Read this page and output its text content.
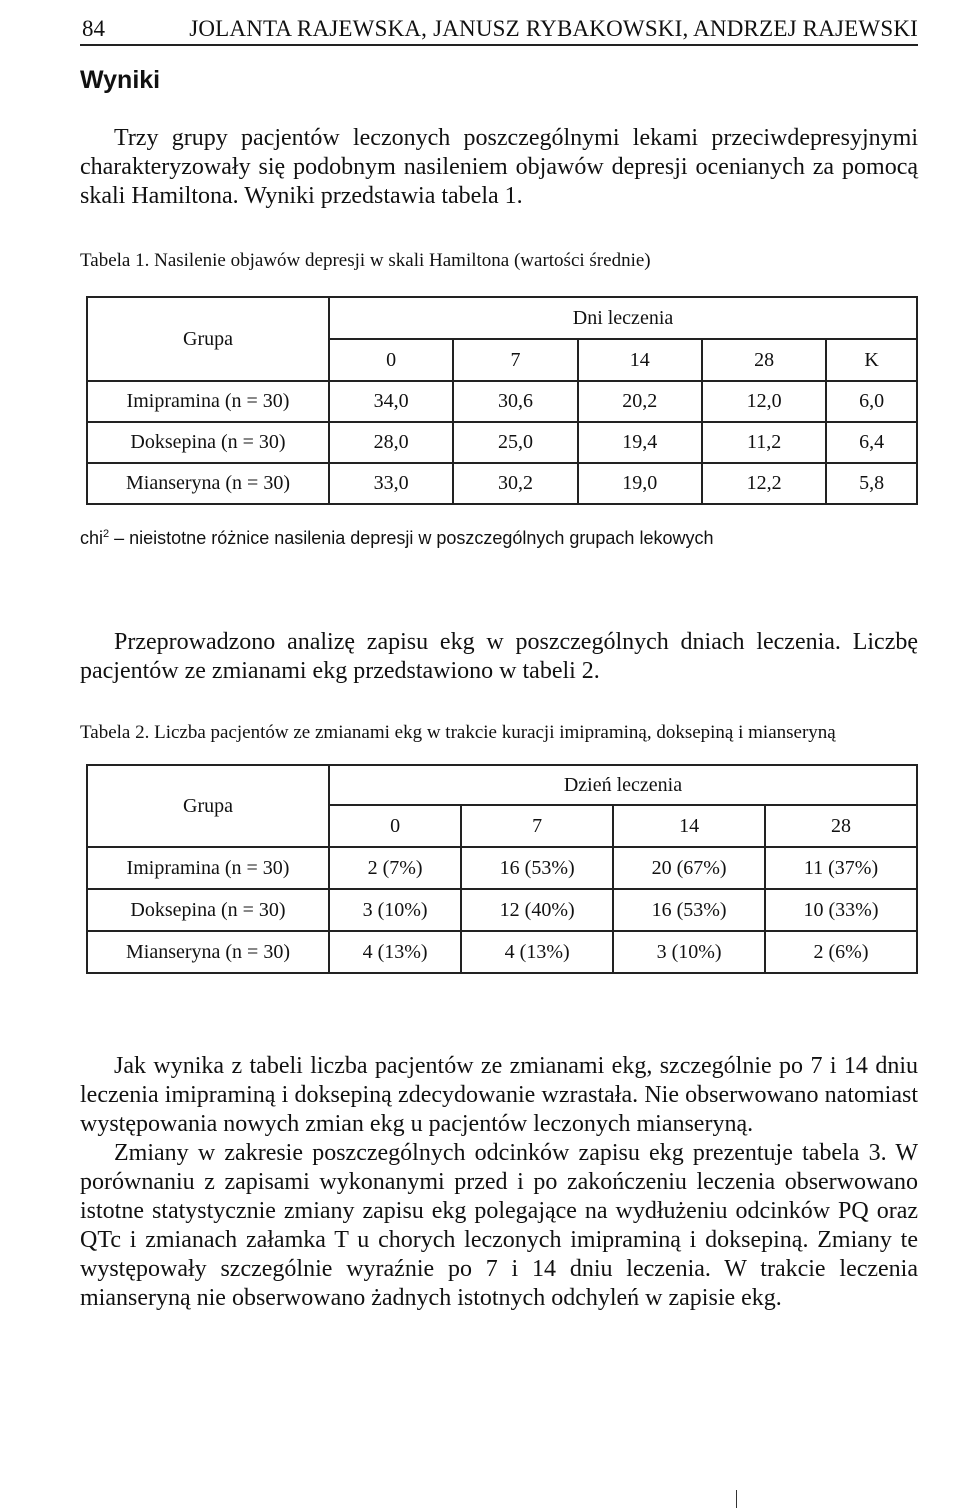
84	JOLANTA RAJEWSKA, JANUSZ RYBAKOWSKI, ANDRZEJ RAJEWSKI
Wyniki

Trzy grupy pacjentów leczonych poszczególnymi lekami przeciwdepresyjnymi charakteryzowały się podobnym nasileniem objawów depresji ocenianych za pomocą skali Hamiltona. Wyniki przedstawia tabela 1.

Tabela 1. Nasilenie objawów depresji w skali Hamiltona (wartości średnie)
Grupa	Dni leczenia				
	0	7	14	28	K
Imipramina (n = 30)	34,0	30,6	20,2	12,0	6,0
Doksepina (n = 30)	28,0	25,0	19,4	11,2	6,4
Mianseryna (n = 30)	33,0	30,2	19,0	12,2	5,8
chi$^2$ – nieistotne różnice nasilenia depresji w poszczególnych grupach lekowych

Przeprowadzono analizę zapisu ekg w poszczególnych dniach leczenia. Liczbę pacjentów ze zmianami ekg przedstawiono w tabeli 2.

Tabela 2. Liczba pacjentów ze zmianami ekg w trakcie kuracji imipraminą, doksepiną i mianseryną
Grupa	Dzień leczenia			
	0	7	14	28
Imipramina (n = 30)	2 (7%)	16 (53%)	20 (67%)	11 (37%)
Doksepina (n = 30)	3 (10%)	12 (40%)	16 (53%)	10 (33%)
Mianseryna (n = 30)	4 (13%)	4 (13%)	3 (10%)	2 (6%)

Jak wynika z tabeli liczba pacjentów ze zmianami ekg, szczególnie po 7 i 14 dniu leczenia imipraminą i doksepiną zdecydowanie wzrastała. Nie obserwowano natomiast występowania nowych zmian ekg u pacjentów leczonych mianseryną.

Zmiany w zakresie poszczególnych odcinków zapisu ekg prezentuje tabela 3. W porównaniu z zapisami wykonanymi przed i po zakończeniu leczenia obserwowano istotne statystycznie zmiany zapisu ekg polegające na wydłużeniu odcinków PQ oraz QTc i zmianach załamka T u chorych leczonych imipraminą i doksepiną. Zmiany te występowały szczególnie wyraźnie po 7 i 14 dniu leczenia. W trakcie leczenia mianseryną nie obserwowano żadnych istotnych odchyleń w zapisie ekg.
